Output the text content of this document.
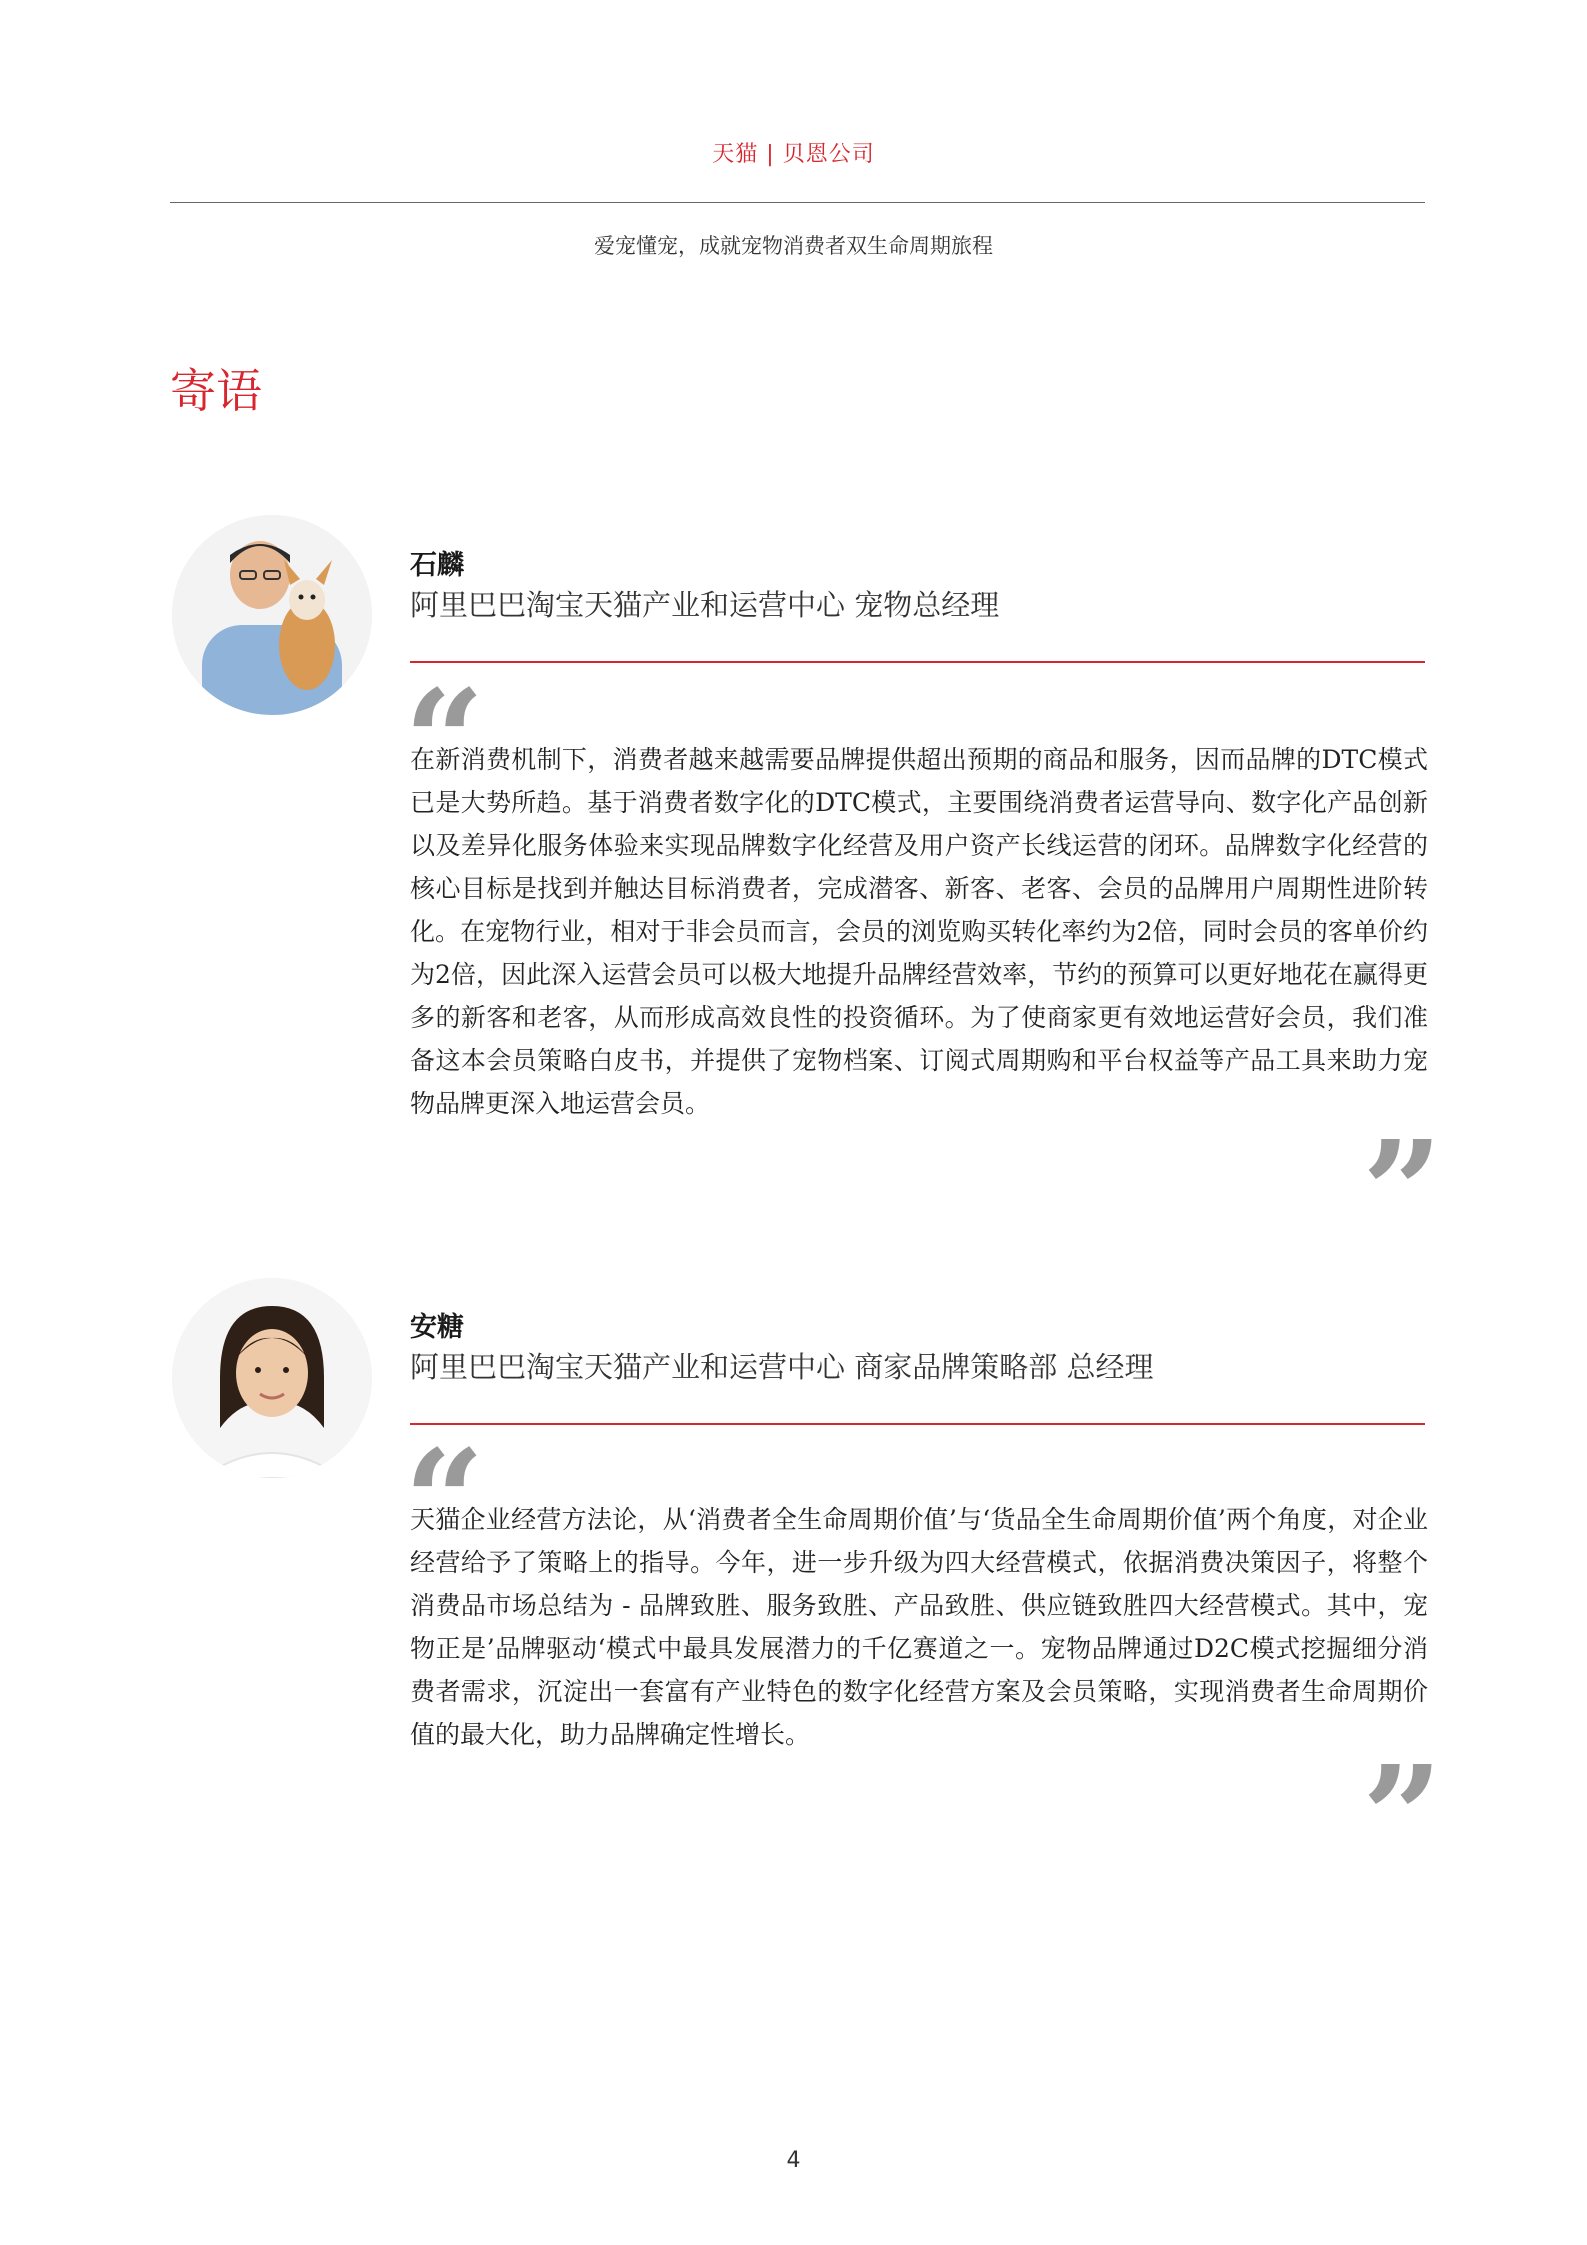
天猫 | 贝恩公司
爱宠懂宠，成就宠物消费者双生命周期旅程
寄语
石麟
阿里巴巴淘宝天猫产业和运营中心 宠物总经理
“
在新消费机制下，消费者越来越需要品牌提供超出预期的商品和服务，因而品牌的DTC模式已是大势所趋。基于消费者数字化的DTC模式，主要围绕消费者运营导向、数字化产品创新以及差异化服务体验来实现品牌数字化经营及用户资产长线运营的闭环。品牌数字化经营的核心目标是找到并触达目标消费者，完成潜客、新客、老客、会员的品牌用户周期性进阶转化。在宠物行业，相对于非会员而言，会员的浏览购买转化率约为2倍，同时会员的客单价约为2倍，因此深入运营会员可以极大地提升品牌经营效率，节约的预算可以更好地花在赢得更多的新客和老客，从而形成高效良性的投资循环。为了使商家更有效地运营好会员，我们准备这本会员策略白皮书，并提供了宠物档案、订阅式周期购和平台权益等产品工具来助力宠物品牌更深入地运营会员。
”
安糖
阿里巴巴淘宝天猫产业和运营中心 商家品牌策略部 总经理
“
天猫企业经营方法论，从‘消费者全生命周期价值’与‘货品全生命周期价值’两个角度，对企业经营给予了策略上的指导。今年，进一步升级为四大经营模式，依据消费决策因子，将整个消费品市场总结为 - 品牌致胜、服务致胜、产品致胜、供应链致胜四大经营模式。其中，宠物正是’品牌驱动‘模式中最具发展潜力的千亿赛道之一。宠物品牌通过D2C模式挖掘细分消费者需求，沉淀出一套富有产业特色的数字化经营方案及会员策略，实现消费者生命周期价值的最大化，助力品牌确定性增长。
”
4
